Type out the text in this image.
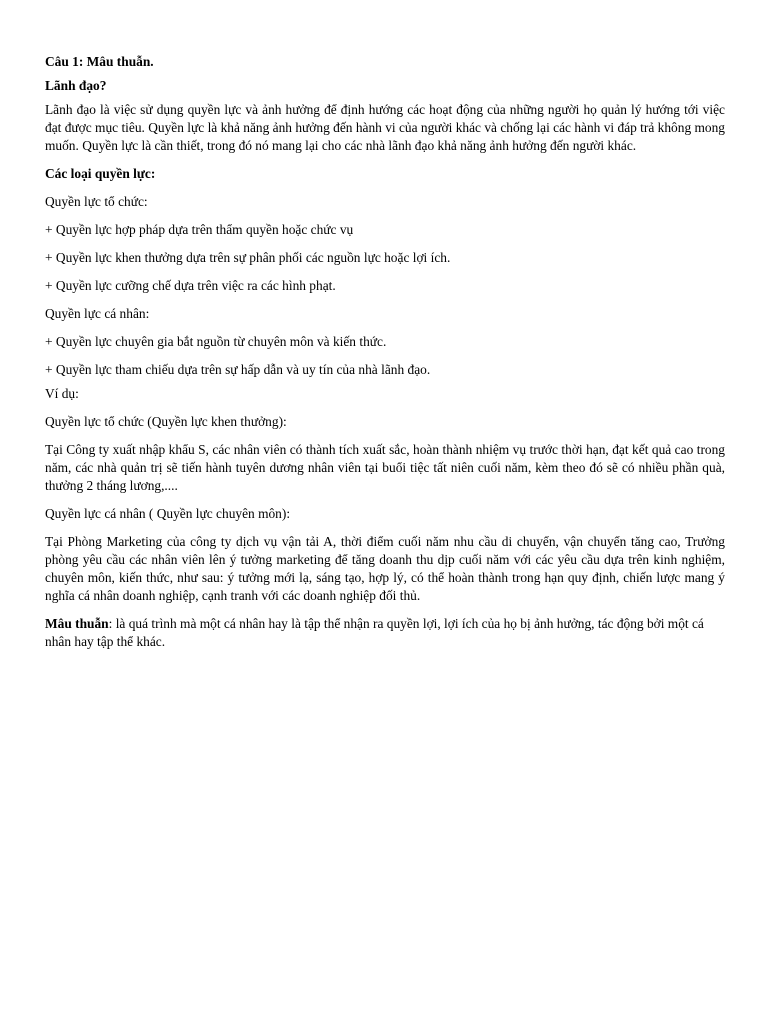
Câu 1: Mâu thuẫn.

Lãnh đạo?

Lãnh đạo là việc sử dụng quyền lực và ảnh hưởng để định hướng các hoạt động của những người họ quản lý hướng tới việc đạt được mục tiêu. Quyền lực là khả năng ảnh hưởng đến hành vi của người khác và chống lại các hành vi đáp trả không mong muốn. Quyền lực là cần thiết, trong đó nó mang lại cho các nhà lãnh đạo khả năng ảnh hưởng đến người khác.

Các loại quyền lực:

Quyền lực tổ chức:

+ Quyền lực hợp pháp dựa trên thẩm quyền hoặc chức vụ

+ Quyền lực khen thưởng dựa trên sự phân phối các nguồn lực hoặc lợi ích.

+ Quyền lực cưỡng chế dựa trên việc ra các hình phạt.

Quyền lực cá nhân:

+ Quyền lực chuyên gia bắt nguồn từ chuyên môn và kiến thức.

+ Quyền lực tham chiếu dựa trên sự hấp dẫn và uy tín của nhà lãnh đạo.

Ví dụ:

Quyền lực tổ chức (Quyền lực khen thưởng):

Tại Công ty xuất nhập khẩu S, các nhân viên có thành tích xuất sắc, hoàn thành nhiệm vụ trước thời hạn, đạt kết quả cao trong năm, các nhà quản trị sẽ tiến hành tuyên dương nhân viên tại buổi tiệc tất niên cuối năm, kèm theo đó sẽ có nhiều phần quà, thưởng 2 tháng lương,....

Quyền lực cá nhân ( Quyền lực chuyên môn):

Tại Phòng Marketing của công ty dịch vụ vận tải A, thời điểm cuối năm nhu cầu di chuyển, vận chuyển tăng cao, Trưởng phòng yêu cầu các nhân viên lên ý tưởng marketing để tăng doanh thu dịp cuối năm với các yêu cầu dựa trên kinh nghiệm, chuyên môn, kiến thức, như sau: ý tưởng mới lạ, sáng tạo, hợp lý, có thể hoàn thành trong hạn quy định, chiến lược mang ý nghĩa cá nhân doanh nghiệp, cạnh tranh với các doanh nghiệp đối thủ.

Mâu thuẫn: là quá trình mà một cá nhân hay là tập thể nhận ra quyền lợi, lợi ích của họ bị ảnh hưởng, tác động bởi một cá nhân hay tập thể khác.
